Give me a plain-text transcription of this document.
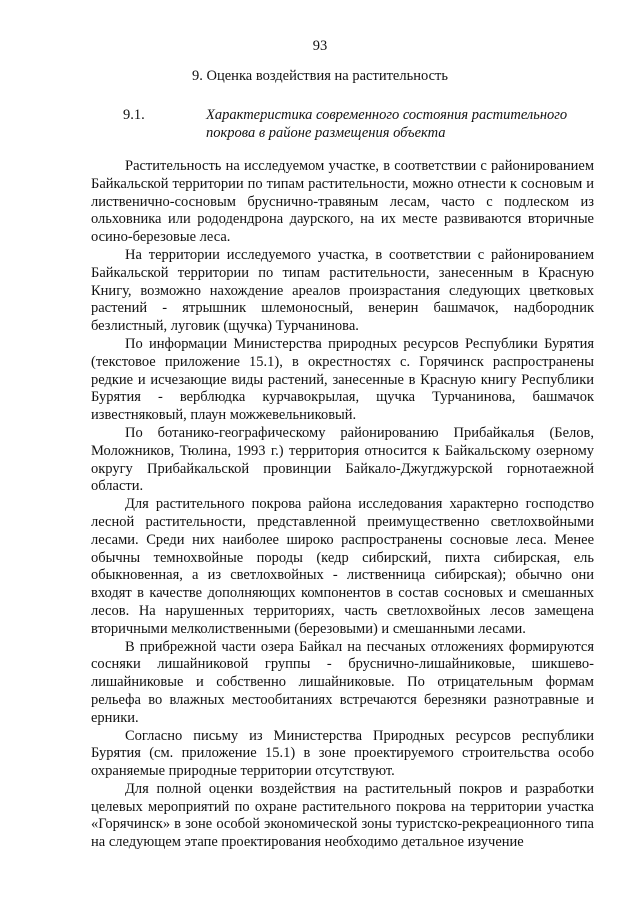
93
9. Оценка воздействия на растительность
9.1.	Характеристика современного состояния растительного покрова в районе размещения объекта

Растительность на исследуемом участке, в соответствии с районированием Байкальской территории по типам растительности, можно отнести к сосновым и лиственично-сосновым бруснично-травяным лесам, часто с подлеском из ольховника или рододендрона даурского, на их месте развиваются вторичные осино-березовые леса.

На территории исследуемого участка, в соответствии с районированием Байкальской территории по типам растительности, занесенным в Красную Книгу, возможно нахождение ареалов произрастания следующих цветковых растений - ятрышник шлемоносный, венерин башмачок, надбородник безлистный, луговик (щучка) Турчанинова.

По информации Министерства природных ресурсов Республики Бурятия (текстовое приложение 15.1), в окрестностях с. Горячинск распространены редкие и исчезающие виды растений, занесенные в Красную книгу Республики Бурятия - верблюдка курчавокрылая, щучка Турчанинова, башмачок известняковый, плаун можжевельниковый.

По ботанико-географическому районированию Прибайкалья (Белов, Моложников, Тюлина, 1993 г.) территория относится к Байкальскому озерному округу Прибайкальской провинции Байкало-Джугджурской горнотаежной области.

Для растительного покрова района исследования характерно господство лесной растительности, представленной преимущественно светлохвойными лесами. Среди них наиболее широко распространены сосновые леса. Менее обычны темнохвойные породы (кедр сибирский, пихта сибирская, ель обыкновенная, а из светлохвойных - лиственница сибирская); обычно они входят в качестве дополняющих компонентов в состав сосновых и смешанных лесов. На нарушенных территориях, часть светлохвойных лесов замещена вторичными мелколиственными (березовыми) и смешанными лесами.

В прибрежной части озера Байкал на песчаных отложениях формируются сосняки лишайниковой группы - бруснично-лишайниковые, шикшево-лишайниковые и собственно лишайниковые. По отрицательным формам рельефа во влажных местообитаниях встречаются березняки разнотравные и ерники.

Согласно письму из Министерства Природных ресурсов республики Бурятия (см. приложение 15.1) в зоне проектируемого строительства особо охраняемые природные территории отсутствуют.

Для полной оценки воздействия на растительный покров и разработки целевых мероприятий по охране растительного покрова на территории участка «Горячинск» в зоне особой экономической зоны туристско-рекреационного типа на следующем этапе проектирования необходимо детальное изучение
